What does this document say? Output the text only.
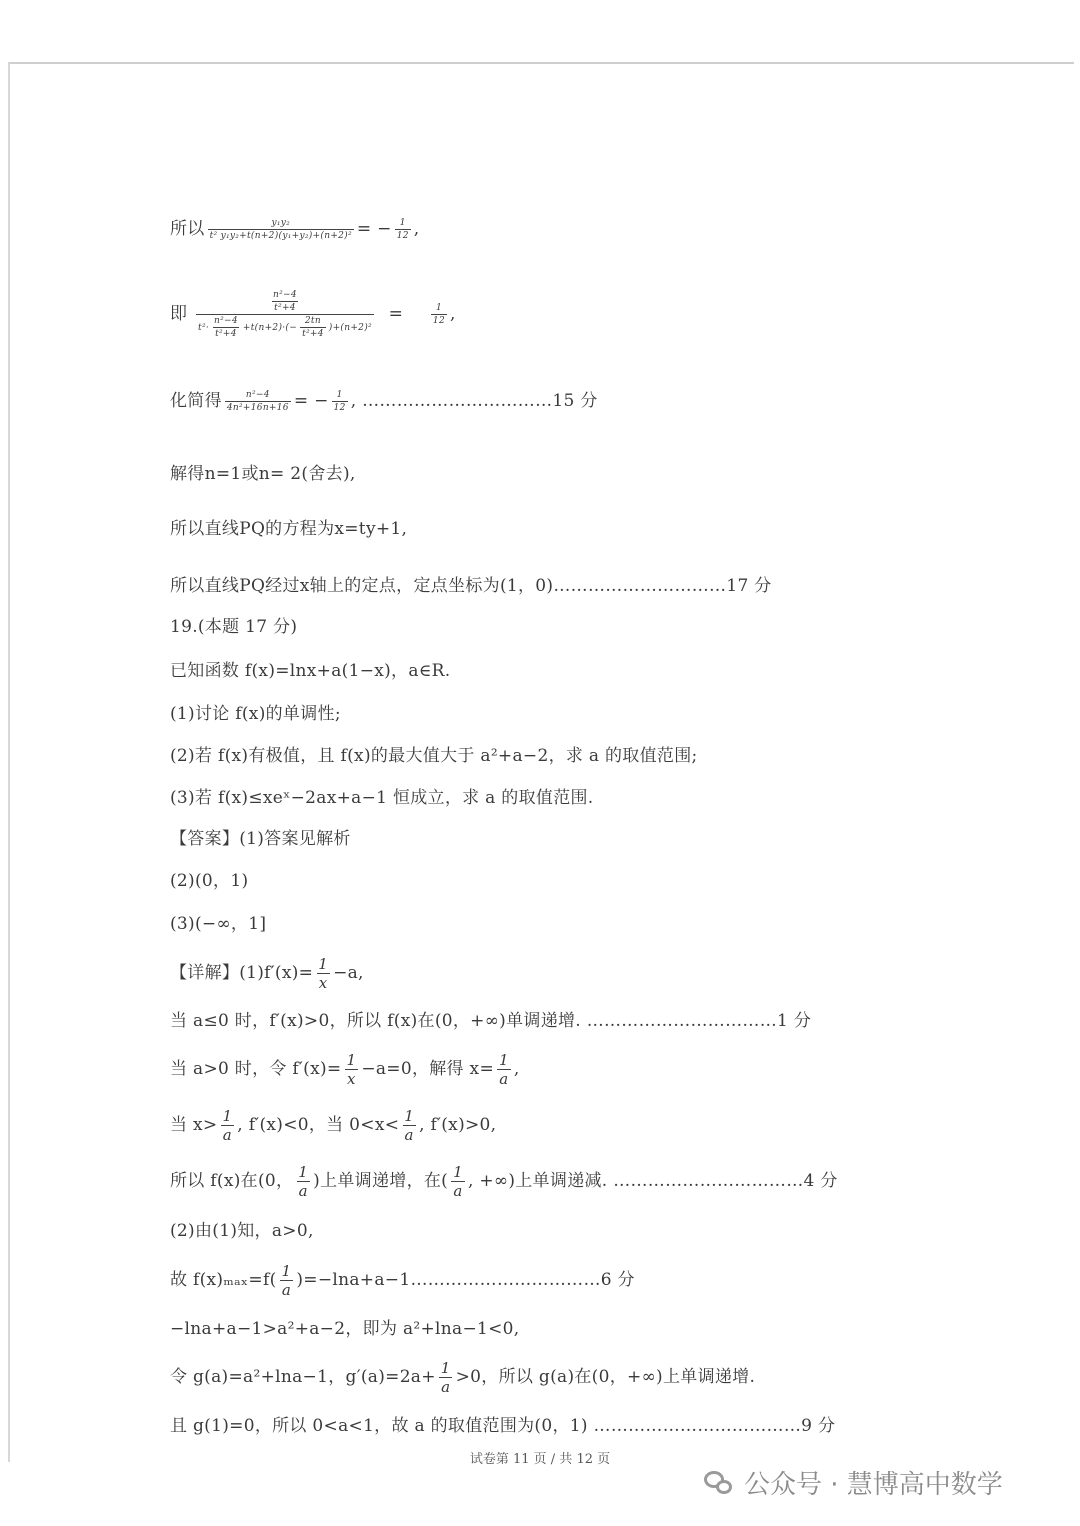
所以 $\frac{\text{y₁y₂}}{\text{t² y₁y₂+t(n+2)(y₁+y₂)+(n+2)²}}$ = − $\frac{1}{12}$ ,
即 $\frac{\frac{\text{n²−4}}{\text{t²+4}}}{t^2\cdot \frac{\text{n²−4}}{\text{t²+4}} +t(n+2)\cdot(- \frac{2tn}{\text{t²+4}} )+(n+2)^2}$ =	$\frac{1}{12}$ ,
化简得 $\frac{\text{n²−4}}{\text{4n²+16n+16}}$ = − $\frac{1}{12}$ , ……………………………15 分
解得n=1或n= 2(舍去),
所以直线PQ的方程为x=ty+1,
所以直线PQ经过x轴上的定点，定点坐标为(1，0)…………………………17 分
19.(本题 17 分)
已知函数 f(x)=lnx+a(1−x)，a∈R.
(1)讨论 f(x)的单调性;
(2)若 f(x)有极值，且 f(x)的最大值大于 a²+a−2，求 a 的取值范围;
(3)若 f(x)≤xeˣ−2ax+a−1 恒成立，求 a 的取值范围.
【答案】(1)答案见解析
(2)(0，1)
(3)(−∞，1]
【详解】$(1)f'(x)= \frac{1}{x} -a$,
当 a≤0 时，f′(x)>0，所以 f(x)在(0，+∞)单调递增. ……………………………1 分
当 a>0 时，令 $f'(x)= \frac{1}{x} -a=0$，解得 $x= \frac{1}{a}$ ,
当 $x> \frac{1}{a}$ , f′(x)<0，当 $0<x< \frac{1}{a}$ , f′(x)>0,
所以 f(x)在(0， $\frac{1}{a}$ )上单调递增，在( $\frac{1}{a}$ , +∞)上单调递减. ……………………………4 分
(2)由(1)知，a>0,
故 $f(x)_{max}=f( \frac{1}{a}$ )=−lna+a−1……………………………6 分
−lna+a−1>a²+a−2，即为 a²+lna−1<0,
令 g(a)=a²+lna−1，$g'(a)=2a+ \frac{1}{a} >0$，所以 g(a)在(0，+∞)上单调递增.
且 g(1)=0，所以 0<a<1，故 a 的取值范围为(0，1) ………………………………9 分
试卷第 11 页 / 共 12 页
公众号 · 慧博高中数学
